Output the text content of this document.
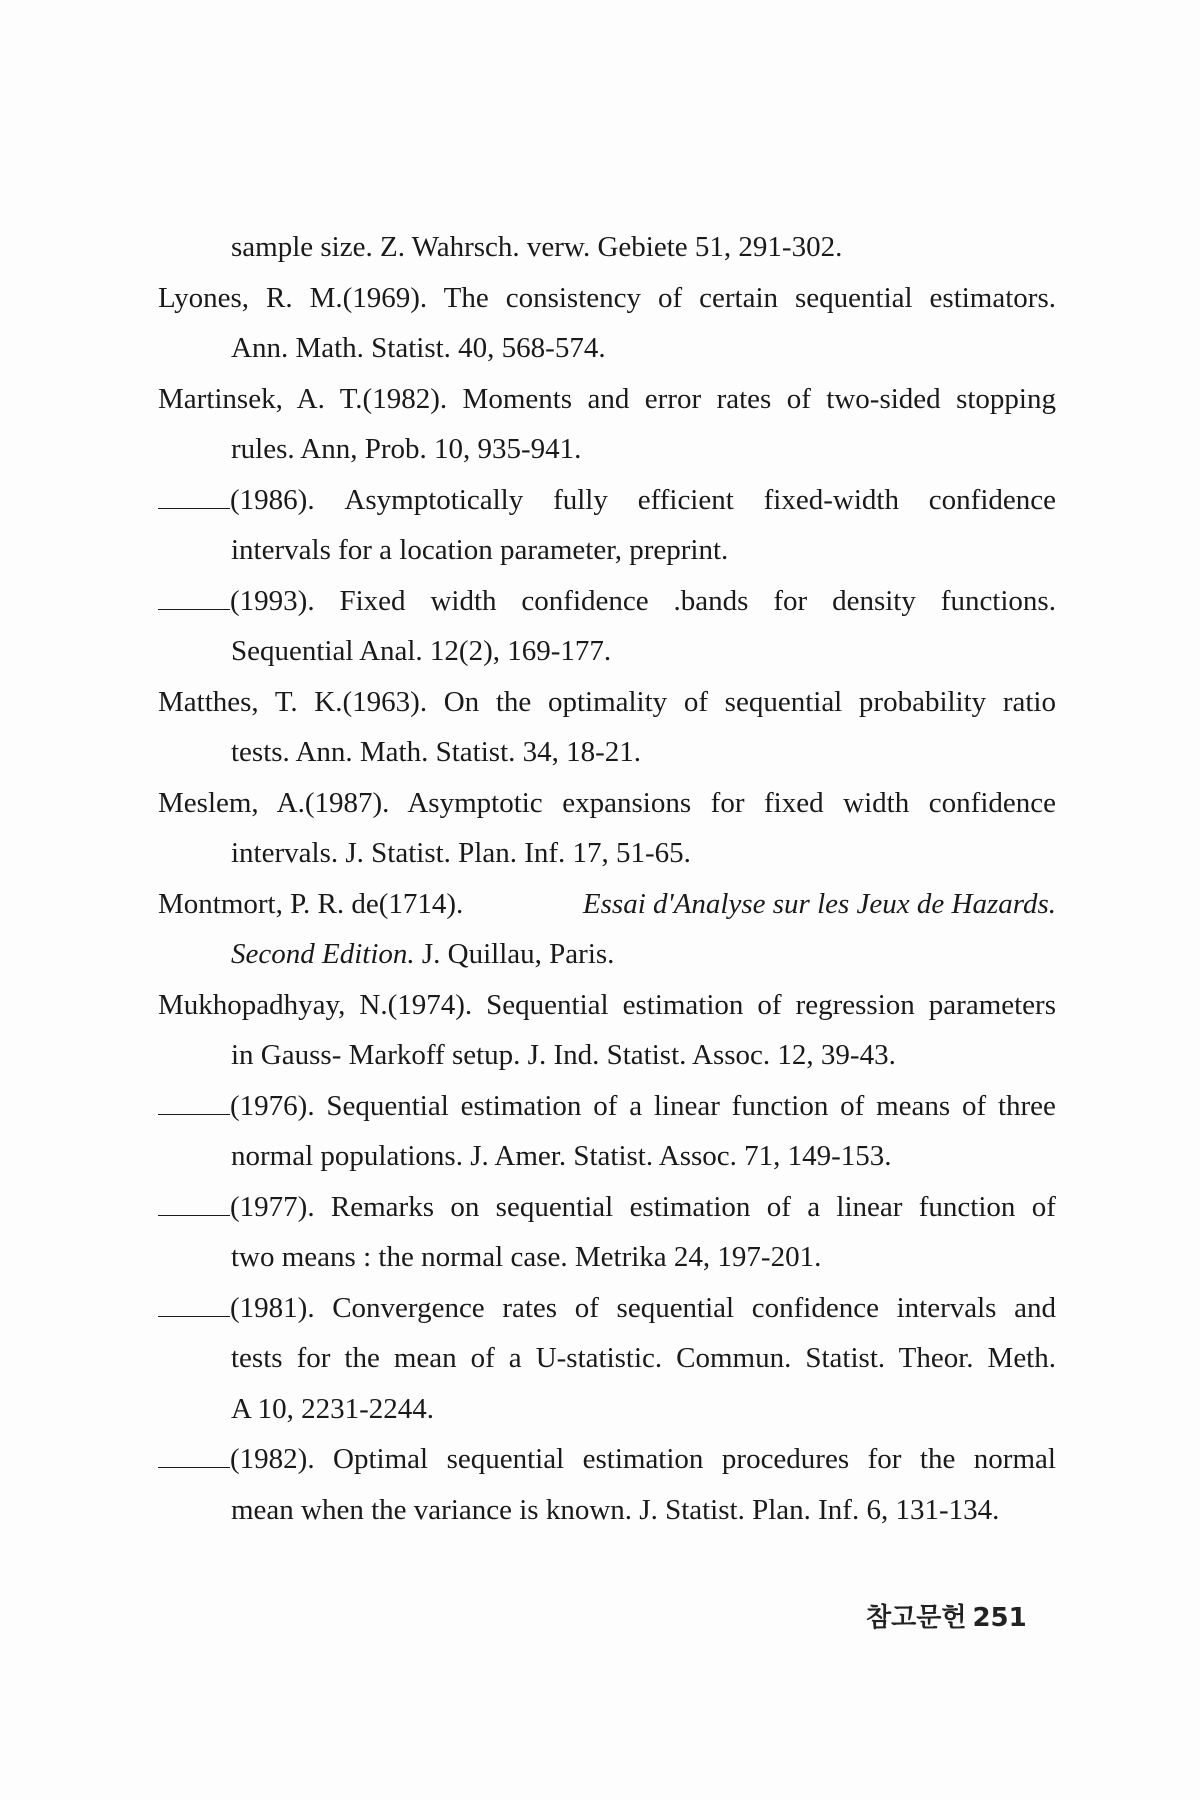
sample size. Z. Wahrsch. verw. Gebiete 51, 291-302.
Lyones, R. M.(1969). The consistency of certain sequential estimators.
Ann. Math. Statist. 40, 568-574.
Martinsek, A. T.(1982). Moments and error rates of two-sided stopping
rules. Ann, Prob. 10, 935-941.
(1986). Asymptotically fully efficient fixed-width confidence
intervals for a location parameter, preprint.
(1993). Fixed width confidence .bands for density functions.
Sequential Anal. 12(2), 169-177.
Matthes, T. K.(1963). On the optimality of sequential probability ratio
tests. Ann. Math. Statist. 34, 18-21.
Meslem, A.(1987). Asymptotic expansions for fixed width confidence
intervals. J. Statist. Plan. Inf. 17, 51-65.
Montmort, P. R. de(1714).	Essai d'Analyse sur les Jeux de Hazards.
Second Edition. J. Quillau, Paris.
Mukhopadhyay, N.(1974). Sequential estimation of regression parameters
in Gauss- Markoff setup. J. Ind. Statist. Assoc. 12, 39-43.
(1976). Sequential estimation of a linear function of means of three
normal populations. J. Amer. Statist. Assoc. 71, 149-153.
(1977). Remarks on sequential estimation of a linear function of
two means : the normal case. Metrika 24, 197-201.
(1981). Convergence rates of sequential confidence intervals and
tests for the mean of a U-statistic. Commun. Statist. Theor. Meth.
A 10, 2231-2244.
(1982). Optimal sequential estimation procedures for the normal
mean when the variance is known. J. Statist. Plan. Inf. 6, 131-134.
참고문헌 251
